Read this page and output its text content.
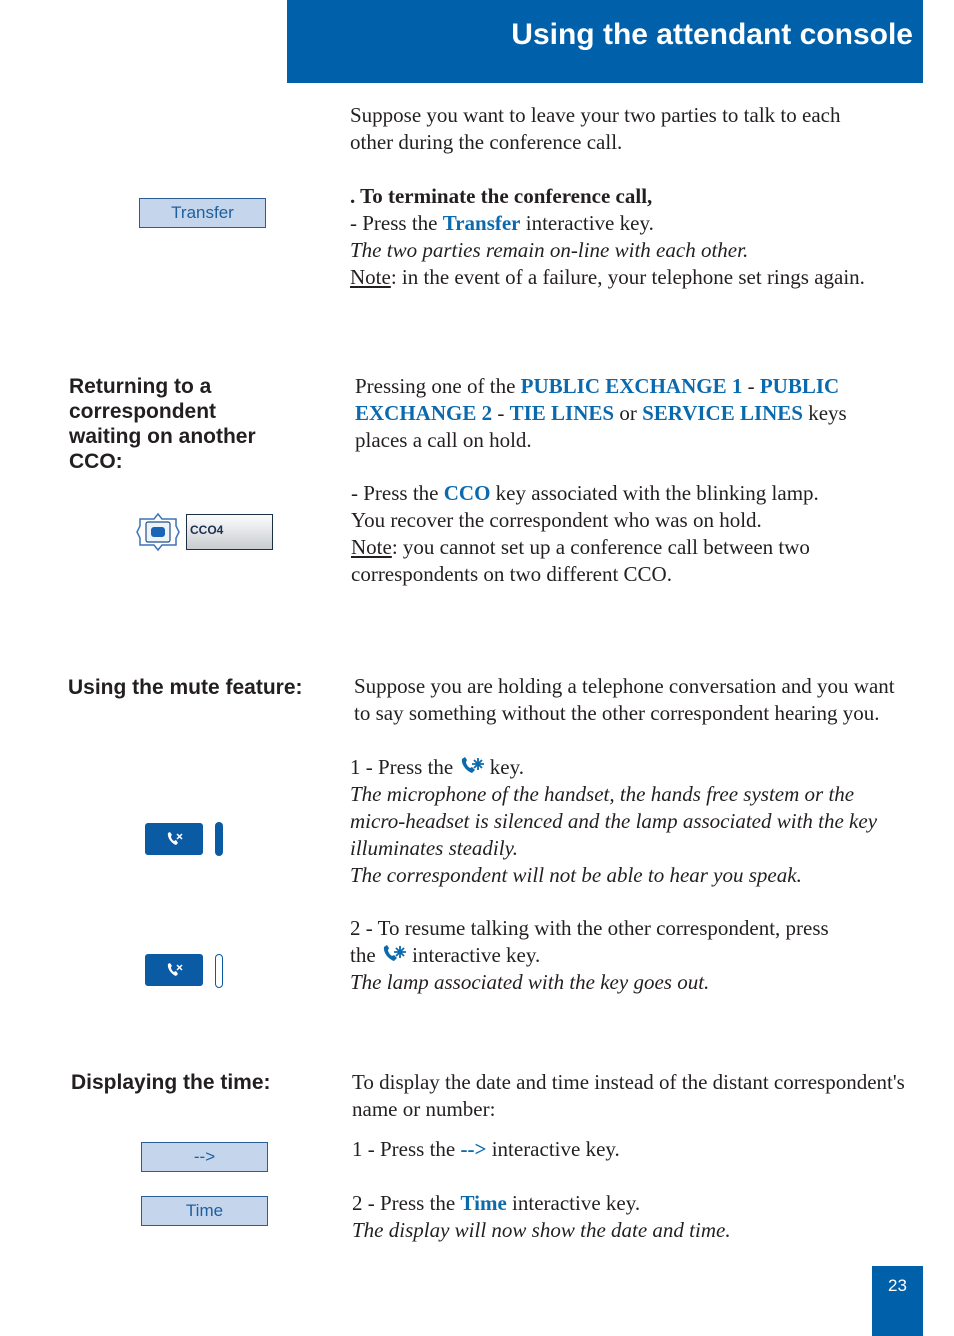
Using the attendant console
Suppose you want to leave your two parties to talk to each
other during the conference call.
Transfer
. To terminate the conference call,
- Press the Transfer interactive key.
The two parties remain on-line with each other.
Note: in the event of a failure, your telephone set rings again.
Returning to a
correspondent
waiting on another
CCO:
Pressing one of the PUBLIC EXCHANGE 1 - PUBLIC
EXCHANGE 2 - TIE LINES or SERVICE LINES keys
places a call on hold.
- Press the CCO key associated with the blinking lamp.
You recover the correspondent who was on hold.
Note: you cannot set up a conference call between two
correspondents on two different CCO.
CCO4
Using the mute feature: Suppose you are holding a telephone conversation and you want
to say something without the other correspondent hearing you.
1 - Press the  key.
The microphone of the handset, the hands free system or the
micro-headset is silenced and the lamp associated with the key
illuminates steadily.
The correspondent will not be able to hear you speak.
2 - To resume talking with the other correspondent, press
the  interactive key.
The lamp associated with the key goes out.
Displaying the time:	To display the date and time instead of the distant correspondent's
name or number:
1 - Press the --> interactive key.
2 - Press the Time interactive key.
The display will now show the date and time.
-->
Time
23
